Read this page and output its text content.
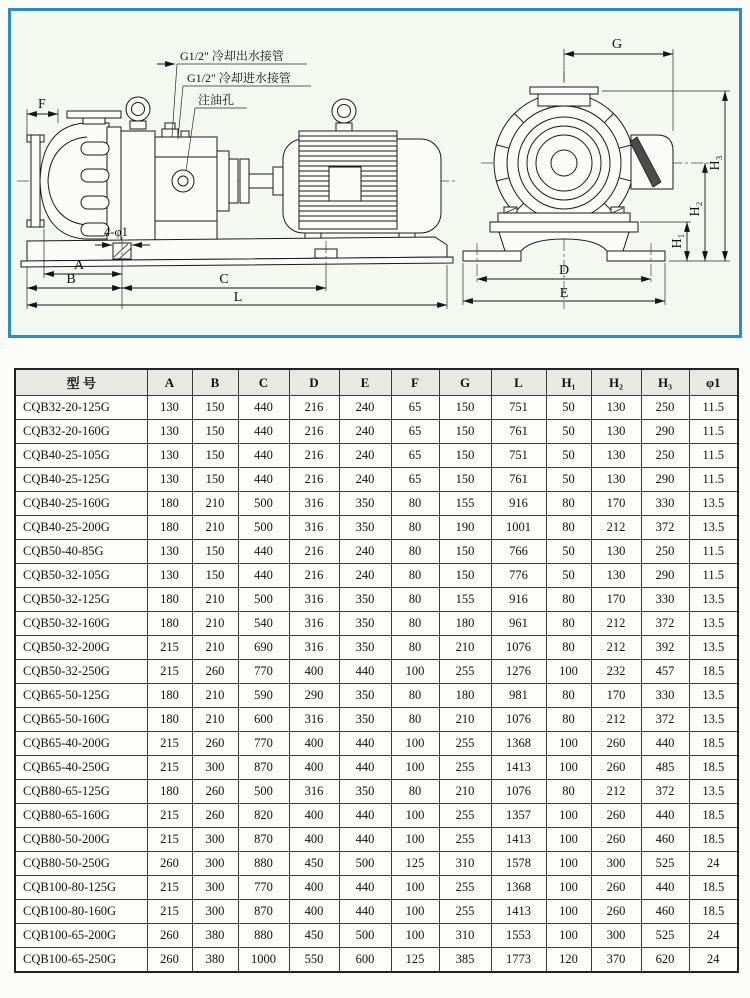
G1/2" 冷却出水接管
G1/2" 冷却进水接管
注油孔
F
4-φ1
A
B	C
L
G
H₃
H₂
H₁
D
E
型 号	A	B	C	D	E	F	G	L	H₁	H₂	H₃	φ1
CQB32-20-125G	130	150	440	216	240	65	150	751	50	130	250	11.5
CQB32-20-160G	130	150	440	216	240	65	150	761	50	130	290	11.5
CQB40-25-105G	130	150	440	216	240	65	150	751	50	130	250	11.5
CQB40-25-125G	130	150	440	216	240	65	150	761	50	130	290	11.5
CQB40-25-160G	180	210	500	316	350	80	155	916	80	170	330	13.5
CQB40-25-200G	180	210	500	316	350	80	190	1001	80	212	372	13.5
CQB50-40-85G	130	150	440	216	240	80	150	766	50	130	250	11.5
CQB50-32-105G	130	150	440	216	240	80	150	776	50	130	290	11.5
CQB50-32-125G	180	210	500	316	350	80	155	916	80	170	330	13.5
CQB50-32-160G	180	210	540	316	350	80	180	961	80	212	372	13.5
CQB50-32-200G	215	210	690	316	350	80	210	1076	80	212	392	13.5
CQB50-32-250G	215	260	770	400	440	100	255	1276	100	232	457	18.5
CQB65-50-125G	180	210	590	290	350	80	180	981	80	170	330	13.5
CQB65-50-160G	180	210	600	316	350	80	210	1076	80	212	372	13.5
CQB65-40-200G	215	260	770	400	440	100	255	1368	100	260	440	18.5
CQB65-40-250G	215	300	870	400	440	100	255	1413	100	260	485	18.5
CQB80-65-125G	180	260	500	316	350	80	210	1076	80	212	372	13.5
CQB80-65-160G	215	260	820	400	440	100	255	1357	100	260	440	18.5
CQB80-50-200G	215	300	870	400	440	100	255	1413	100	260	460	18.5
CQB80-50-250G	260	300	880	450	500	125	310	1578	100	300	525	24
CQB100-80-125G	215	300	770	400	440	100	255	1368	100	260	440	18.5
CQB100-80-160G	215	300	870	400	440	100	255	1413	100	260	460	18.5
CQB100-65-200G	260	380	880	450	500	100	310	1553	100	300	525	24
CQB100-65-250G	260	380	1000	550	600	125	385	1773	120	370	620	24
